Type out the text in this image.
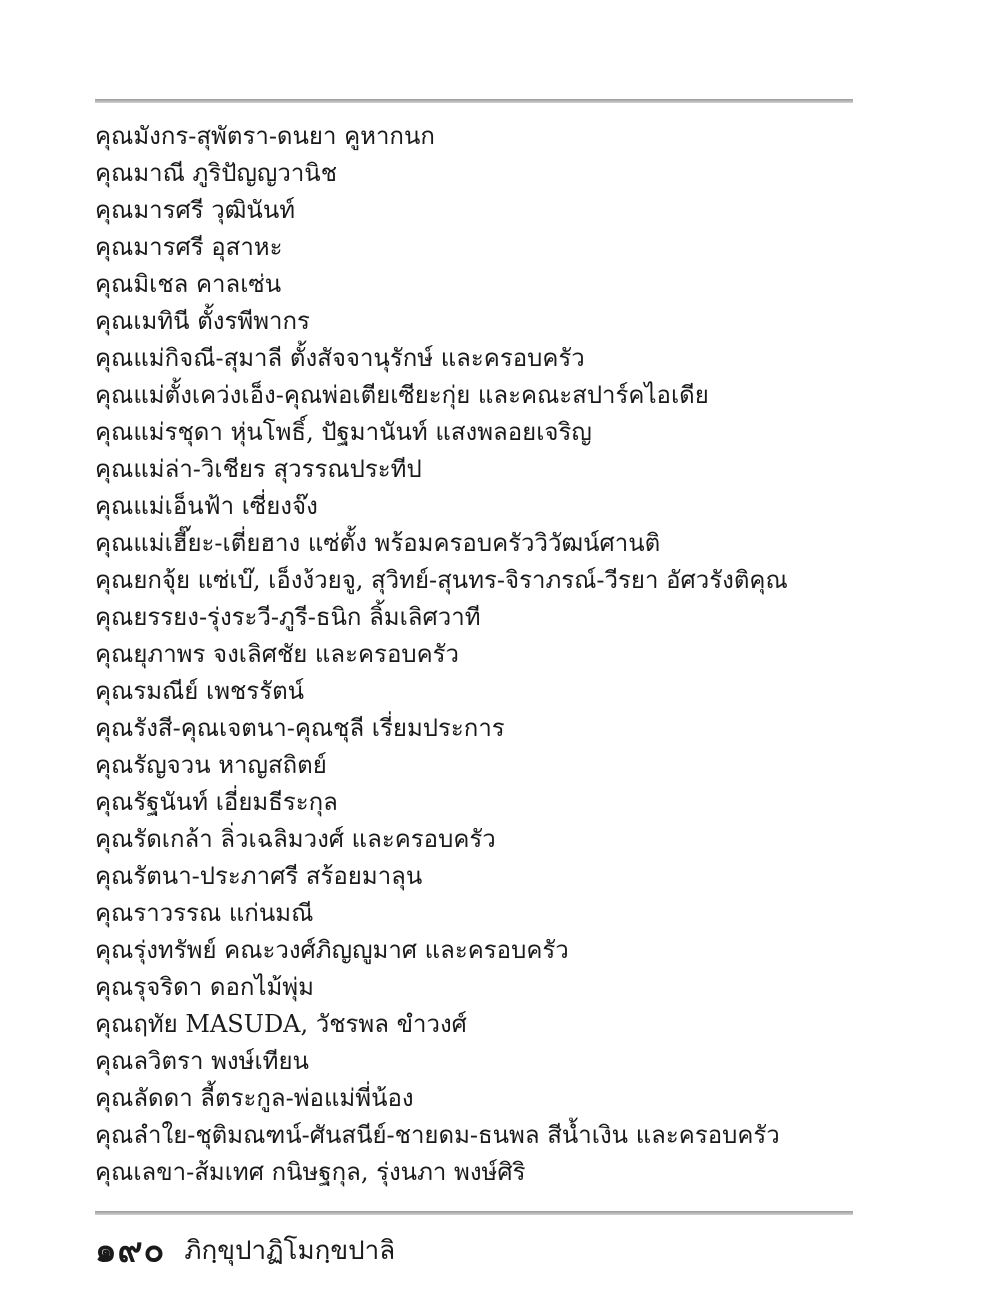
คุณมังกร-สุพัตรา-ดนยา คูหากนก
คุณมาณี ภูริปัญญวานิช
คุณมารศรี วุฒินันท์
คุณมารศรี อุสาหะ
คุณมิเชล คาลเซ่น
คุณเมทินี ตั้งรพีพากร
คุณแม่กิจณี-สุมาลี ตั้งสัจจานุรักษ์ และครอบครัว
คุณแม่ตั้งเคว่งเอ็ง-คุณพ่อเตียเซียะกุ่ย และคณะสปาร์คไอเดีย
คุณแม่รชุดา หุ่นโพธิ์, ปัฐมานันท์ แสงพลอยเจริญ
คุณแม่ล่า-วิเชียร สุวรรณประทีป
คุณแม่เอ็นฟ้า เซี่ยงจ๊ง
คุณแม่เฮี๊ยะ-เตี่ยฮาง แซ่ตั้ง พร้อมครอบครัววิวัฒน์ศานติ
คุณยกจุ้ย แซ่เบ๊, เอ็งง้วยจู, สุวิทย์-สุนทร-จิราภรณ์-วีรยา อัศวรังติคุณ
คุณยรรยง-รุ่งระวี-ภูรี-ธนิก ลิ้มเลิศวาที
คุณยุภาพร จงเลิศชัย และครอบครัว
คุณรมณีย์ เพชรรัตน์
คุณรังสี-คุณเจตนา-คุณชุลี เรี่ยมประการ
คุณรัญจวน หาญสถิตย์
คุณรัฐนันท์ เอี่ยมธีระกุล
คุณรัดเกล้า ลิ่วเฉลิมวงศ์ และครอบครัว
คุณรัตนา-ประภาศรี สร้อยมาลุน
คุณราวรรณ แก่นมณี
คุณรุ่งทรัพย์ คณะวงศ์ภิญญูมาศ และครอบครัว
คุณรุจริดา ดอกไม้พุ่ม
คุณฤทัย MASUDA, วัชรพล ขำวงศ์
คุณลวิตรา พงษ์เทียน
คุณลัดดา ลี้ตระกูล-พ่อแม่พี่น้อง
คุณลำใย-ชุติมณฑน์-ศันสนีย์-ชายดม-ธนพล สีน้ำเงิน และครอบครัว
คุณเลขา-ส้มเทศ กนิษฐกุล, รุ่งนภา พงษ์ศิริ
๑๙๐ ภิกฺขุปาฏิโมกฺขปาลิ
